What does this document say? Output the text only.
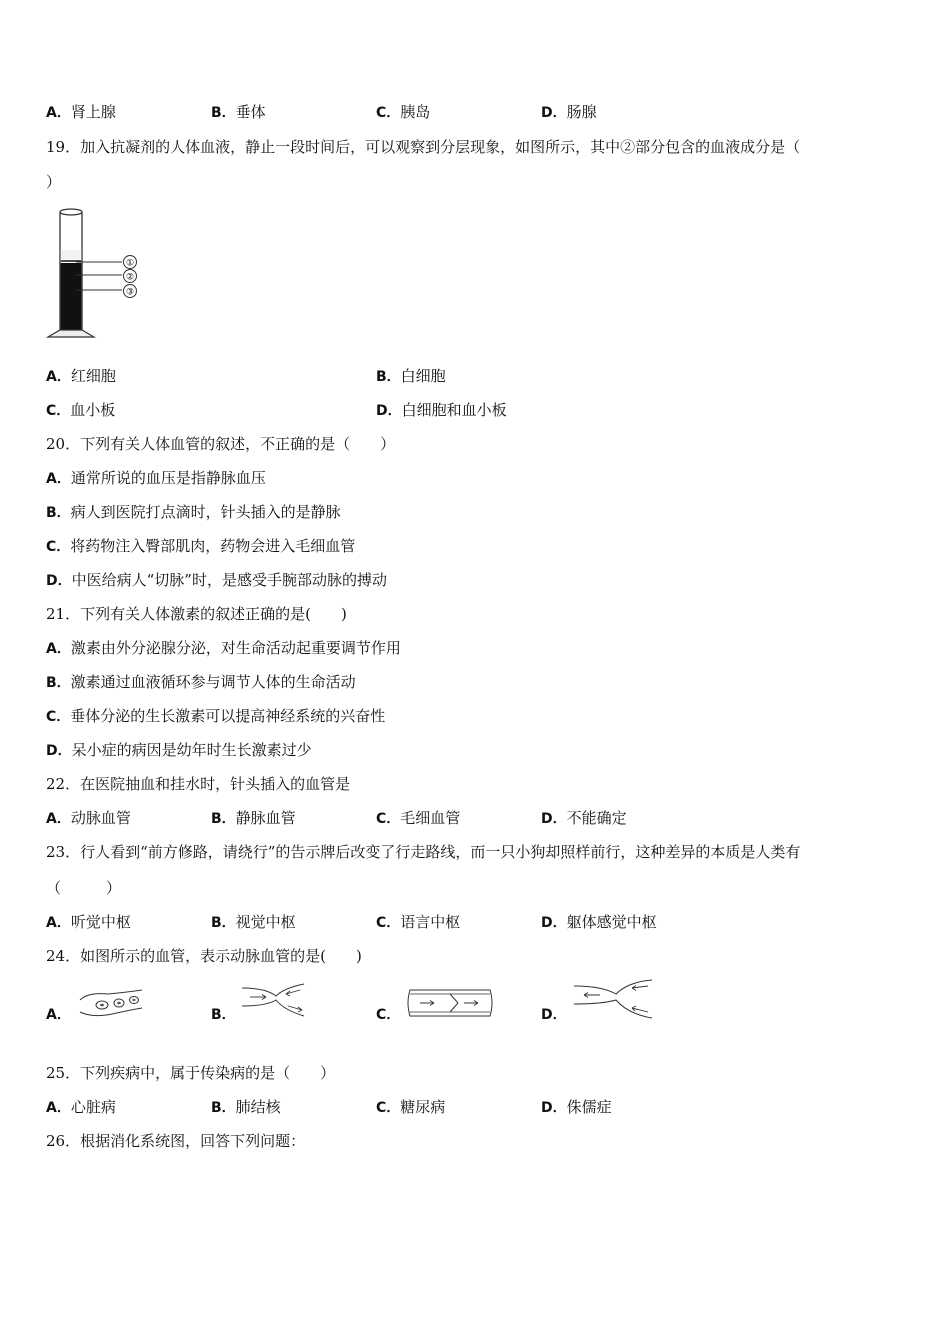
A．肾上腺	B．垂体	C．胰岛	D．肠腺
19．加入抗凝剂的人体血液，静止一段时间后，可以观察到分层现象，如图所示，其中②部分包含的血液成分是（
）
①
②
③
A．红细胞	B．白细胞
C．血小板	D．白细胞和血小板
20．下列有关人体血管的叙述，不正确的是（　　）
A．通常所说的血压是指静脉血压
B．病人到医院打点滴时，针头插入的是静脉
C．将药物注入臀部肌肉，药物会进入毛细血管
D．中医给病人“切脉”时，是感受手腕部动脉的搏动
21．下列有关人体激素的叙述正确的是(　　)
A．激素由外分泌腺分泌，对生命活动起重要调节作用
B．激素通过血液循环参与调节人体的生命活动
C．垂体分泌的生长激素可以提高神经系统的兴奋性
D．呆小症的病因是幼年时生长激素过少
22．在医院抽血和挂水时，针头插入的血管是
A．动脉血管	B．静脉血管	C．毛细血管	D．不能确定
23．行人看到“前方修路，请绕行”的告示牌后改变了行走路线，而一只小狗却照样前行，这种差异的本质是人类有
（　　　）
A．听觉中枢	B．视觉中枢	C．语言中枢	D．躯体感觉中枢
24．如图所示的血管，表示动脉血管的是(　　)
A．	B．	C．	D．
25．下列疾病中，属于传染病的是（　　）
A．心脏病	B．肺结核	C．糖尿病	D．侏儒症
26．根据消化系统图，回答下列问题：
